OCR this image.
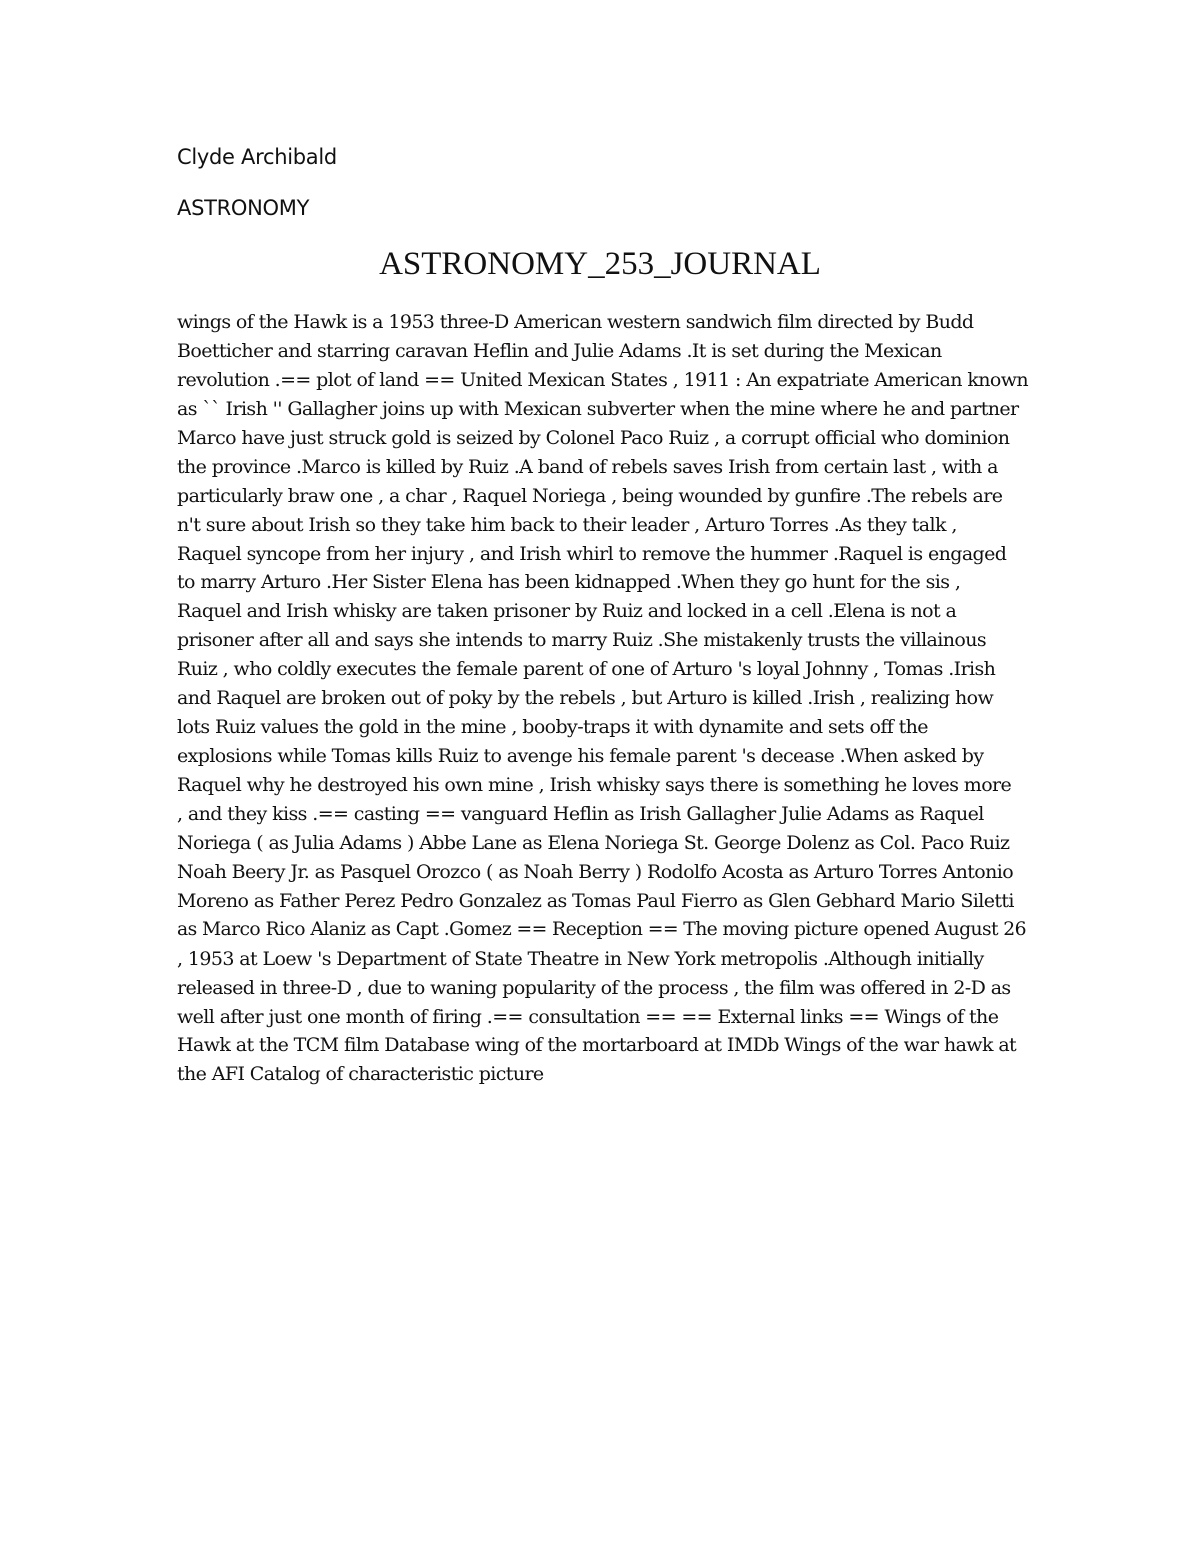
Clyde Archibald
ASTRONOMY
ASTRONOMY_253_JOURNAL
wings of the Hawk is a 1953 three-D American western sandwich film directed by Budd
Boetticher and starring caravan Heflin and Julie Adams .It is set during the Mexican
revolution .== plot of land == United Mexican States , 1911 : An expatriate American known
as `` Irish '' Gallagher joins up with Mexican subverter when the mine where he and partner
Marco have just struck gold is seized by Colonel Paco Ruiz , a corrupt official who dominion
the province .Marco is killed by Ruiz .A band of rebels saves Irish from certain last , with a
particularly braw one , a char , Raquel Noriega , being wounded by gunfire .The rebels are
n't sure about Irish so they take him back to their leader , Arturo Torres .As they talk ,
Raquel syncope from her injury , and Irish whirl to remove the hummer .Raquel is engaged
to marry Arturo .Her Sister Elena has been kidnapped .When they go hunt for the sis ,
Raquel and Irish whisky are taken prisoner by Ruiz and locked in a cell .Elena is not a
prisoner after all and says she intends to marry Ruiz .She mistakenly trusts the villainous
Ruiz , who coldly executes the female parent of one of Arturo 's loyal Johnny , Tomas .Irish
and Raquel are broken out of poky by the rebels , but Arturo is killed .Irish , realizing how
lots Ruiz values the gold in the mine , booby-traps it with dynamite and sets off the
explosions while Tomas kills Ruiz to avenge his female parent 's decease .When asked by
Raquel why he destroyed his own mine , Irish whisky says there is something he loves more
, and they kiss .== casting == vanguard Heflin as Irish Gallagher Julie Adams as Raquel
Noriega ( as Julia Adams ) Abbe Lane as Elena Noriega St. George Dolenz as Col. Paco Ruiz
Noah Beery Jr. as Pasquel Orozco ( as Noah Berry ) Rodolfo Acosta as Arturo Torres Antonio
Moreno as Father Perez Pedro Gonzalez as Tomas Paul Fierro as Glen Gebhard Mario Siletti
as Marco Rico Alaniz as Capt .Gomez == Reception == The moving picture opened August 26
, 1953 at Loew 's Department of State Theatre in New York metropolis .Although initially
released in three-D , due to waning popularity of the process , the film was offered in 2-D as
well after just one month of firing .== consultation == == External links == Wings of the
Hawk at the TCM film Database wing of the mortarboard at IMDb Wings of the war hawk at
the AFI Catalog of characteristic picture
